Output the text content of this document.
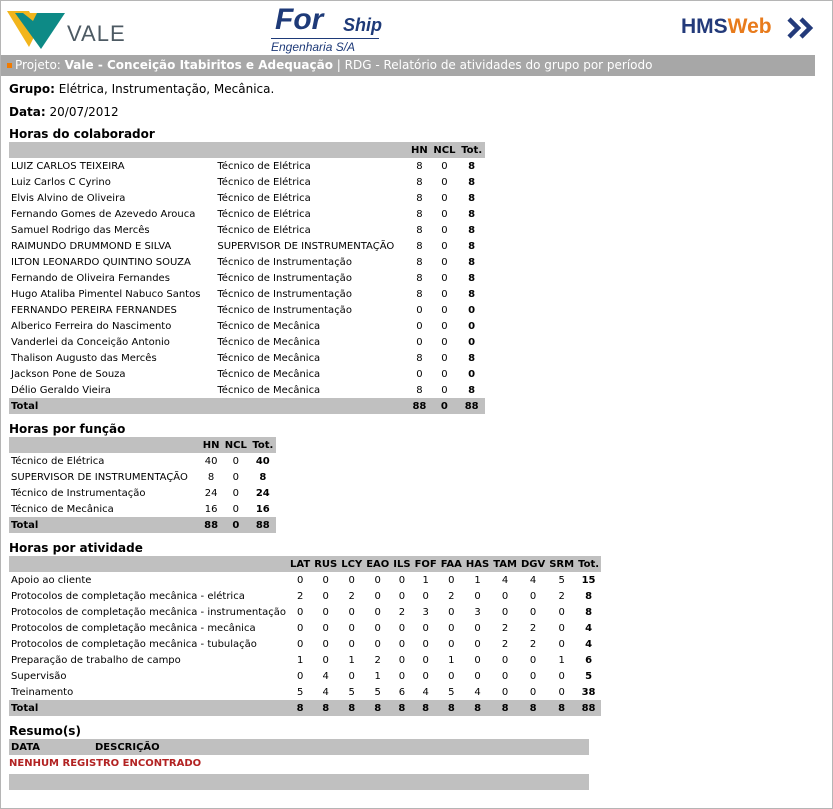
VALE	For Ship
Engenharia S/A
HMSWeb
Projeto: Vale - Conceição Itabiritos e Adequação | RDG - Relatório de atividades do grupo por período
Grupo: Elétrica, Instrumentação, Mecânica.
Data: 20/07/2012
Horas do colaborador
		HN	NCL	Tot.
LUIZ CARLOS TEIXEIRA	Técnico de Elétrica	8	0	8
Luiz Carlos C Cyrino	Técnico de Elétrica	8	0	8
Elvis Alvino de Oliveira	Técnico de Elétrica	8	0	8
Fernando Gomes de Azevedo Arouca	Técnico de Elétrica	8	0	8
Samuel Rodrigo das Mercês	Técnico de Elétrica	8	0	8
RAIMUNDO DRUMMOND E SILVA	SUPERVISOR DE INSTRUMENTAÇÃO	8	0	8
ILTON LEONARDO QUINTINO SOUZA	Técnico de Instrumentação	8	0	8
Fernando de Oliveira Fernandes	Técnico de Instrumentação	8	0	8
Hugo Ataliba Pimentel Nabuco Santos	Técnico de Instrumentação	8	0	8
FERNANDO PEREIRA FERNANDES	Técnico de Instrumentação	0	0	0
Alberico Ferreira do Nascimento	Técnico de Mecânica	0	0	0
Vanderlei da Conceição Antonio	Técnico de Mecânica	0	0	0
Thalison Augusto das Mercês	Técnico de Mecânica	8	0	8
Jackson Pone de Souza	Técnico de Mecânica	0	0	0
Délio Geraldo Vieira	Técnico de Mecânica	8	0	8
Total		88	0	88
Horas por função
	HN	NCL	Tot.
Técnico de Elétrica	40	0	40
SUPERVISOR DE INSTRUMENTAÇÃO	8	0	8
Técnico de Instrumentação	24	0	24
Técnico de Mecânica	16	0	16
Total	88	0	88
Horas por atividade
	LAT	RUS	LCY	EAO	ILS	FOF	FAA	HAS	TAM	DGV	SRM	Tot.
Apoio ao cliente	0	0	0	0	0	1	0	1	4	4	5	15
Protocolos de completação mecânica - elétrica	2	0	2	0	0	0	2	0	0	0	2	8
Protocolos de completação mecânica - instrumentação	0	0	0	0	2	3	0	3	0	0	0	8
Protocolos de completação mecânica - mecânica	0	0	0	0	0	0	0	0	2	2	0	4
Protocolos de completação mecânica - tubulação	0	0	0	0	0	0	0	0	2	2	0	4
Preparação de trabalho de campo	1	0	1	2	0	0	1	0	0	0	1	6
Supervisão	0	4	0	1	0	0	0	0	0	0	0	5
Treinamento	5	4	5	5	6	4	5	4	0	0	0	38
Total	8	8	8	8	8	8	8	8	8	8	8	88
Resumo(s)
DATA	DESCRIÇÃO
NENHUM REGISTRO ENCONTRADO
